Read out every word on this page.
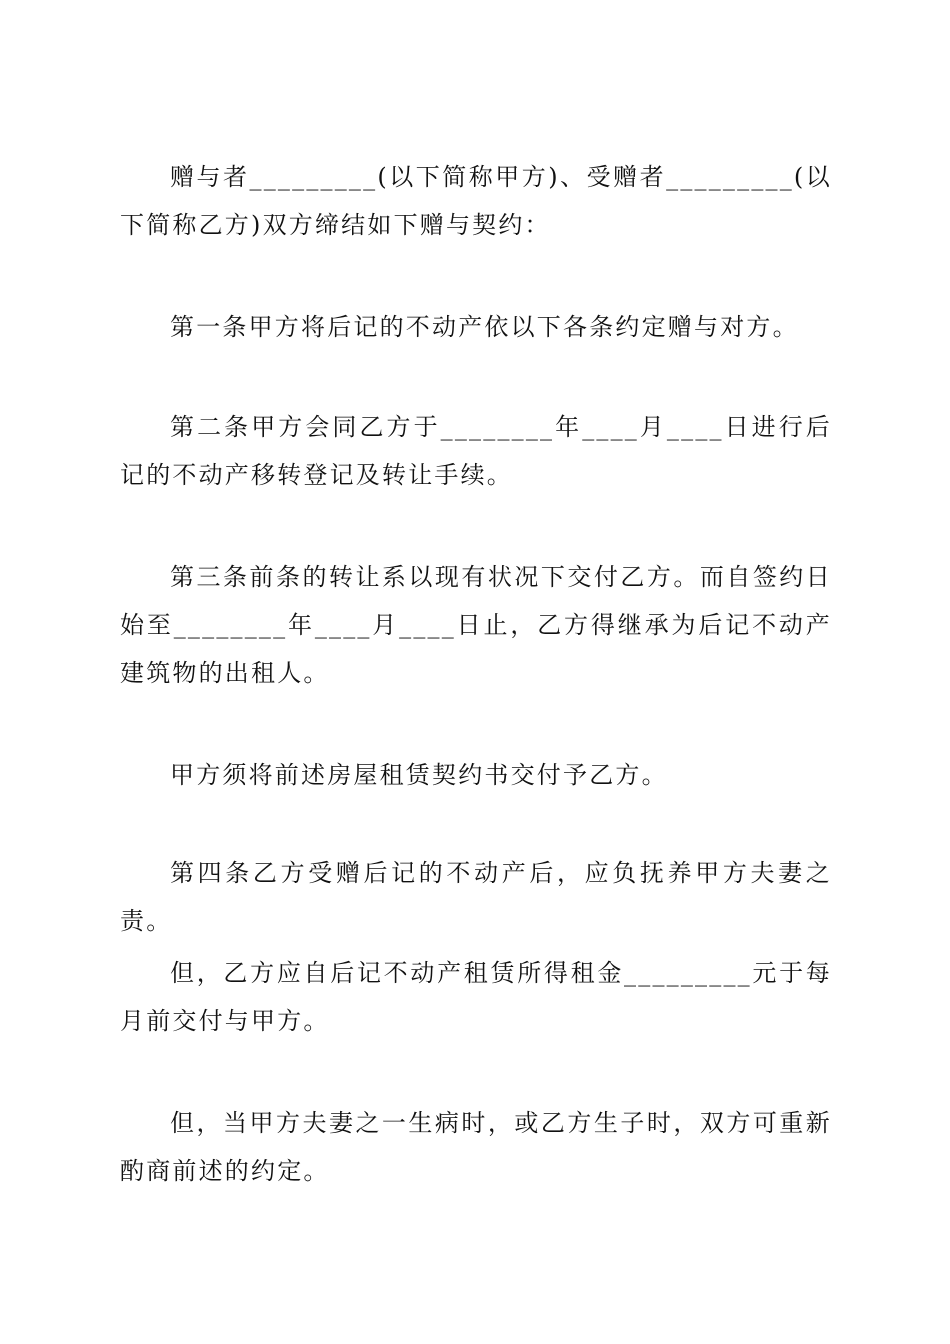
赠与者_________(以下简称甲方)、受赠者_________(以下简称乙方)双方缔结如下赠与契约：

第一条甲方将后记的不动产依以下各条约定赠与对方。

第二条甲方会同乙方于________年____月____日进行后记的不动产移转登记及转让手续。

第三条前条的转让系以现有状况下交付乙方。而自签约日始至________年____月____日止，乙方得继承为后记不动产建筑物的出租人。

甲方须将前述房屋租赁契约书交付予乙方。

第四条乙方受赠后记的不动产后，应负抚养甲方夫妻之责。

但，乙方应自后记不动产租赁所得租金_________元于每月前交付与甲方。

但，当甲方夫妻之一生病时，或乙方生子时，双方可重新酌商前述的约定。
